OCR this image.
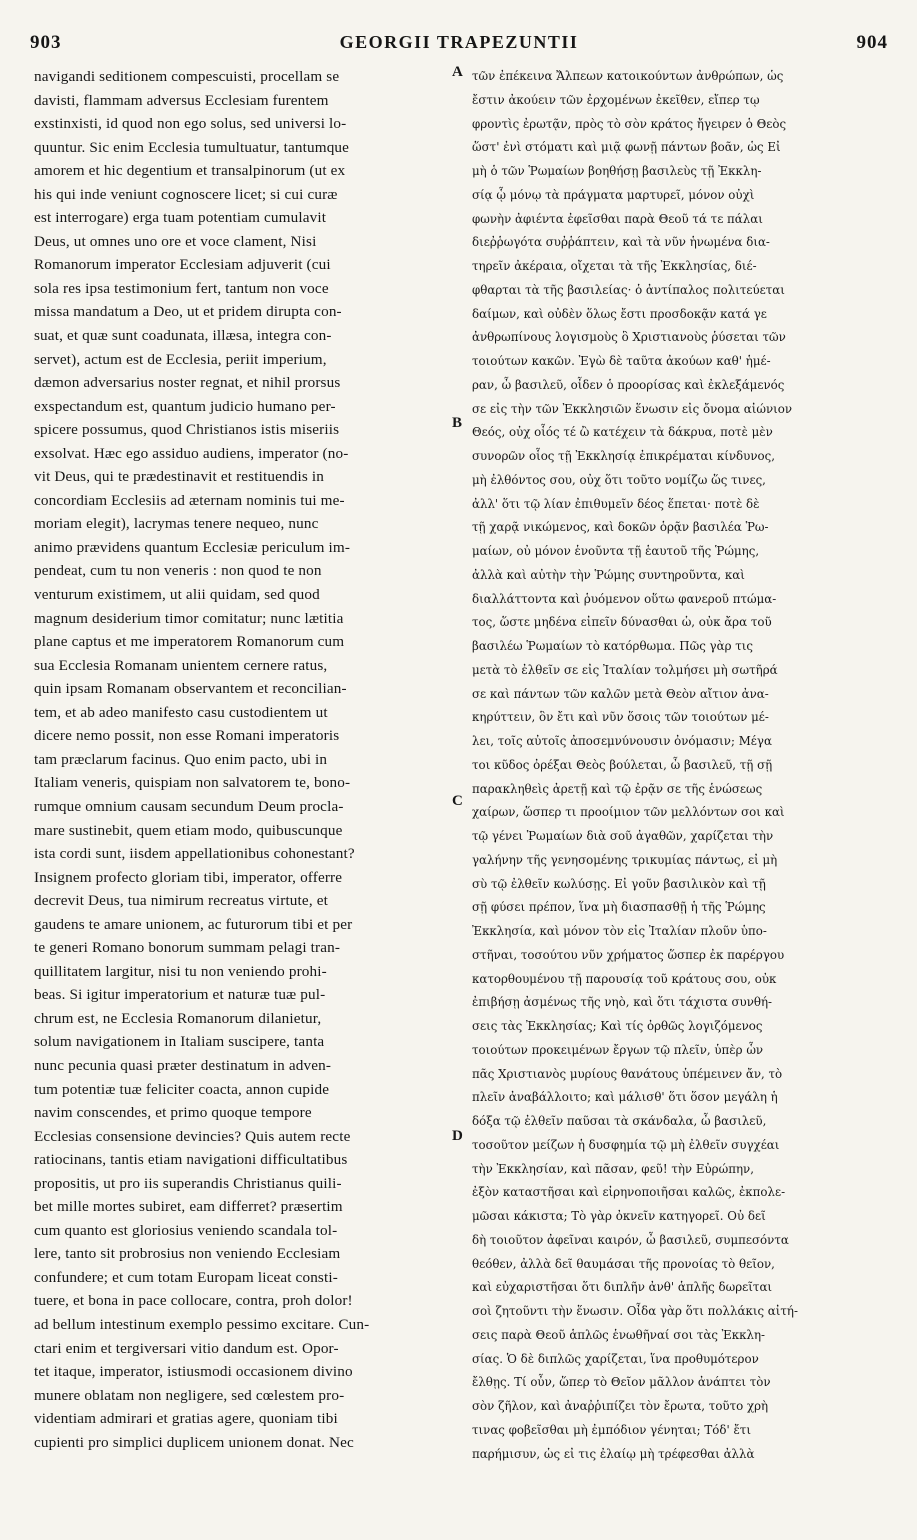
903	GEORGII TRAPEZUNTII	904
navigandi seditionem compescuisti, procellam se
davisti, flammam adversus Ecclesiam furentem
exstinxisti, id quod non ego solus, sed universi lo-
quuntur. Sic enim Ecclesia tumultuatur, tantumque
amorem et hic degentium et transalpinorum (ut ex
his qui inde veniunt cognoscere licet; si cui curæ
est interrogare) erga tuam potentiam cumulavit
Deus, ut omnes uno ore et voce clament, Nisi
Romanorum imperator Ecclesiam adjuverit (cui
sola res ipsa testimonium fert, tantum non voce
missa mandatum a Deo, ut et pridem dirupta con-
suat, et quæ sunt coadunata, illæsa, integra con-
servet), actum est de Ecclesia, periit imperium,
dæmon adversarius noster regnat, et nihil prorsus
exspectandum est, quantum judicio humano per-
spicere possumus, quod Christianos istis miseriis
exsolvat. Hæc ego assiduo audiens, imperator (no-
vit Deus, qui te prædestinavit et restituendis in
concordiam Ecclesiis ad æternam nominis tui me-
moriam elegit), lacrymas tenere nequeo, nunc
animo prævidens quantum Ecclesiæ periculum im-
pendeat, cum tu non veneris : non quod te non
venturum existimem, ut alii quidam, sed quod
magnum desiderium timor comitatur; nunc lætitia
plane captus et me imperatorem Romanorum cum
sua Ecclesia Romanam unientem cernere ratus,
quin ipsam Romanam observantem et reconcilian-
tem, et ab adeo manifesto casu custodientem ut
dicere nemo possit, non esse Romani imperatoris
tam præclarum facinus. Quo enim pacto, ubi in
Italiam veneris, quispiam non salvatorem te, bono-
rumque omnium causam secundum Deum procla-
mare sustinebit, quem etiam modo, quibuscunque
ista cordi sunt, iisdem appellationibus cohonestant?
Insignem profecto gloriam tibi, imperator, offerre
decrevit Deus, tua nimirum recreatus virtute, et
gaudens te amare unionem, ac futurorum tibi et per
te generi Romano bonorum summam pelagi tran-
quillitatem largitur, nisi tu non veniendo prohi-
beas. Si igitur imperatorium et naturæ tuæ pul-
chrum est, ne Ecclesia Romanorum dilanietur,
solum navigationem in Italiam suscipere, tanta
nunc pecunia quasi præter destinatum in adven-
tum potentiæ tuæ feliciter coacta, annon cupide
navim conscendes, et primo quoque tempore
Ecclesias consensione devincies? Quis autem recte
ratiocinans, tantis etiam navigationi difficultatibus
propositis, ut pro iis superandis Christianus quili-
bet mille mortes subiret, eam differret? præsertim
cum quanto est gloriosius veniendo scandala tol-
lere, tanto sit probrosius non veniendo Ecclesiam
confundere; et cum totam Europam liceat consti-
tuere, et bona in pace collocare, contra, proh dolor!
ad bellum intestinum exemplo pessimo excitare. Cun-
ctari enim et tergiversari vitio dandum est. Opor-
tet itaque, imperator, istiusmodi occasionem divino
munere oblatam non negligere, sed cœlestem pro-
videntiam admirari et gratias agere, quoniam tibi
cupienti pro simplici duplicem unionem donat. Nec
τῶν ἐπέκεινα Ἄλπεων κατοικούντων ἀνθρώπων, ὡς
ἔστιν ἀκούειν τῶν ἐρχομένων ἐκεῖθεν, εἴπερ τῳ
φροντὶς ἐρωτᾷν, πρὸς τὸ σὸν κράτος ἤγειρεν ὁ Θεὸς
ὥστ' ἐνὶ στόματι καὶ μιᾷ φωνῇ πάντων βοᾶν, ὡς Εἰ
μὴ ὁ τῶν Ῥωμαίων βοηθήσῃ βασιλεὺς τῇ Ἐκκλη-
σίᾳ ᾧ μόνῳ τὰ πράγματα μαρτυρεῖ, μόνον οὐχὶ
φωνὴν ἀφιέντα ἐφεῖσθαι παρὰ Θεοῦ τά τε πάλαι
διεῤῥωγότα συῤῥάπτειν, καὶ τὰ νῦν ἡνωμένα δια-
τηρεῖν ἀκέραια, οἴχεται τὰ τῆς Ἐκκλησίας, διέ-
φθαρται τὰ τῆς βασιλείας· ὁ ἀντίπαλος πολιτεύεται
δαίμων, καὶ οὐδὲν ὅλως ἔστι προσδοκᾷν κατά γε
ἀνθρωπίνους λογισμοὺς ὃ Χριστιανοὺς ῥύσεται τῶν
τοιούτων κακῶν. Ἐγὼ δὲ ταῦτα ἀκούων καθ' ἡμέ-
ραν, ὦ βασιλεῦ, οἶδεν ὁ προορίσας καὶ ἐκλεξάμενός
σε εἰς τὴν τῶν Ἐκκλησιῶν ἕνωσιν εἰς ὄνομα αἰώνιον
Θεός, οὐχ οἷός τέ ὢ κατέχειν τὰ δάκρυα, ποτὲ μὲν
συνορῶν οἷος τῇ Ἐκκλησίᾳ ἐπικρέμαται κίνδυνος,
μὴ ἐλθόντος σου, οὐχ ὅτι τοῦτο νομίζω ὥς τινες,
ἀλλ' ὅτι τῷ λίαν ἐπιθυμεῖν δέος ἕπεται· ποτὲ δὲ
τῇ χαρᾷ νικώμενος, καὶ δοκῶν ὁρᾷν βασιλέα Ῥω-
μαίων, οὐ μόνον ἑνοῦντα τῇ ἑαυτοῦ τῆς Ῥώμης,
ἀλλὰ καὶ αὐτὴν τὴν Ῥώμης συντηροῦντα, καὶ
διαλλάττοντα καὶ ῥυόμενον οὕτω φανεροῦ πτώμα-
τος, ὥστε μηδένα εἰπεῖν δύνασθαι ὡ, οὐκ ἄρα τοῦ
βασιλέω Ῥωμαίων τὸ κατόρθωμα. Πῶς γὰρ τις
μετὰ τὸ ἐλθεῖν σε εἰς Ἰταλίαν τολμήσει μὴ σωτῆρά
σε καὶ πάντων τῶν καλῶν μετὰ Θεὸν αἴτιον ἀνα-
κηρύττειν, ὃν ἔτι καὶ νῦν ὅσοις τῶν τοιούτων μέ-
λει, τοῖς αὐτοῖς ἀποσεμνύνουσιν ὀνόμασιν; Μέγα
τοι κῦδος ὀρέξαι Θεὸς βούλεται, ὦ βασιλεῦ, τῇ σῇ
παρακληθεὶς ἀρετῇ καὶ τῷ ἐρᾷν σε τῆς ἑνώσεως
χαίρων, ὥσπερ τι προοίμιον τῶν μελλόντων σοι καὶ
τῷ γένει Ῥωμαίων διὰ σοῦ ἀγαθῶν, χαρίζεται τὴν
γαλήνην τῆς γενησομένης τρικυμίας πάντως, εἰ μὴ
σὺ τῷ ἐλθεῖν κωλύσῃς. Εἰ γοῦν βασιλικὸν καὶ τῇ
σῇ φύσει πρέπον, ἵνα μὴ διασπασθῇ ἡ τῆς Ῥώμης
Ἐκκλησία, καὶ μόνον τὸν εἰς Ἰταλίαν πλοῦν ὑπο-
στῆναι, τοσούτου νῦν χρήματος ὥσπερ ἐκ παρέργου
κατορθουμένου τῇ παρουσίᾳ τοῦ κράτους σου, οὐκ
ἐπιβήσῃ ἀσμένως τῆς νηὸ, καὶ ὅτι τάχιστα συνθή-
σεις τὰς Ἐκκλησίας; Καὶ τίς ὀρθῶς λογιζόμενος
τοιούτων προκειμένων ἔργων τῷ πλεῖν, ὑπὲρ ὧν
πᾶς Χριστιανὸς μυρίους θανάτους ὑπέμεινεν ἄν, τὸ
πλεῖν ἀναβάλλοιτο; καὶ μάλισθ' ὅτι ὅσον μεγάλη ἡ
δόξα τῷ ἐλθεῖν παῦσαι τὰ σκάνδαλα, ὦ βασιλεῦ,
τοσοῦτον μείζων ἡ δυσφημία τῷ μὴ ἐλθεῖν συγχέαι
τὴν Ἐκκλησίαν, καὶ πᾶσαν, φεῦ! τὴν Εὐρώπην,
ἐξὸν καταστῆσαι καὶ εἰρηνοποιῆσαι καλῶς, ἐκπολε-
μῶσαι κάκιστα; Τὸ γὰρ ὀκνεῖν κατηγορεῖ. Οὐ δεῖ
δὴ τοιοῦτον ἀφεῖναι καιρόν, ὦ βασιλεῦ, συμπεσόντα
θεόθεν, ἀλλὰ δεῖ θαυμάσαι τῆς προνοίας τὸ θεῖον,
καὶ εὐχαριστῆσαι ὅτι διπλῆν ἀνθ' ἁπλῆς δωρεῖται
σοὶ ζητοῦντι τὴν ἕνωσιν. Οἶδα γὰρ ὅτι πολλάκις αἰτή-
σεις παρὰ Θεοῦ ἁπλῶς ἑνωθῆναί σοι τὰς Ἐκκλη-
σίας. Ὁ δὲ διπλῶς χαρίζεται, ἵνα προθυμότερον
ἔλθῃς. Τί οὖν, ὥπερ τὸ Θεῖον μᾶλλον ἀνάπτει τὸν
σὸν ζῆλον, καὶ ἀναῤῥιπίζει τὸν ἔρωτα, τοῦτο χρὴ
τινας φοβεῖσθαι μὴ ἐμπόδιον γένηται; Τόδ' ἔτι
παρήμισυν, ὡς εἰ τις ἐλαίῳ μὴ τρέφεσθαι ἀλλὰ
A
B
C
D
